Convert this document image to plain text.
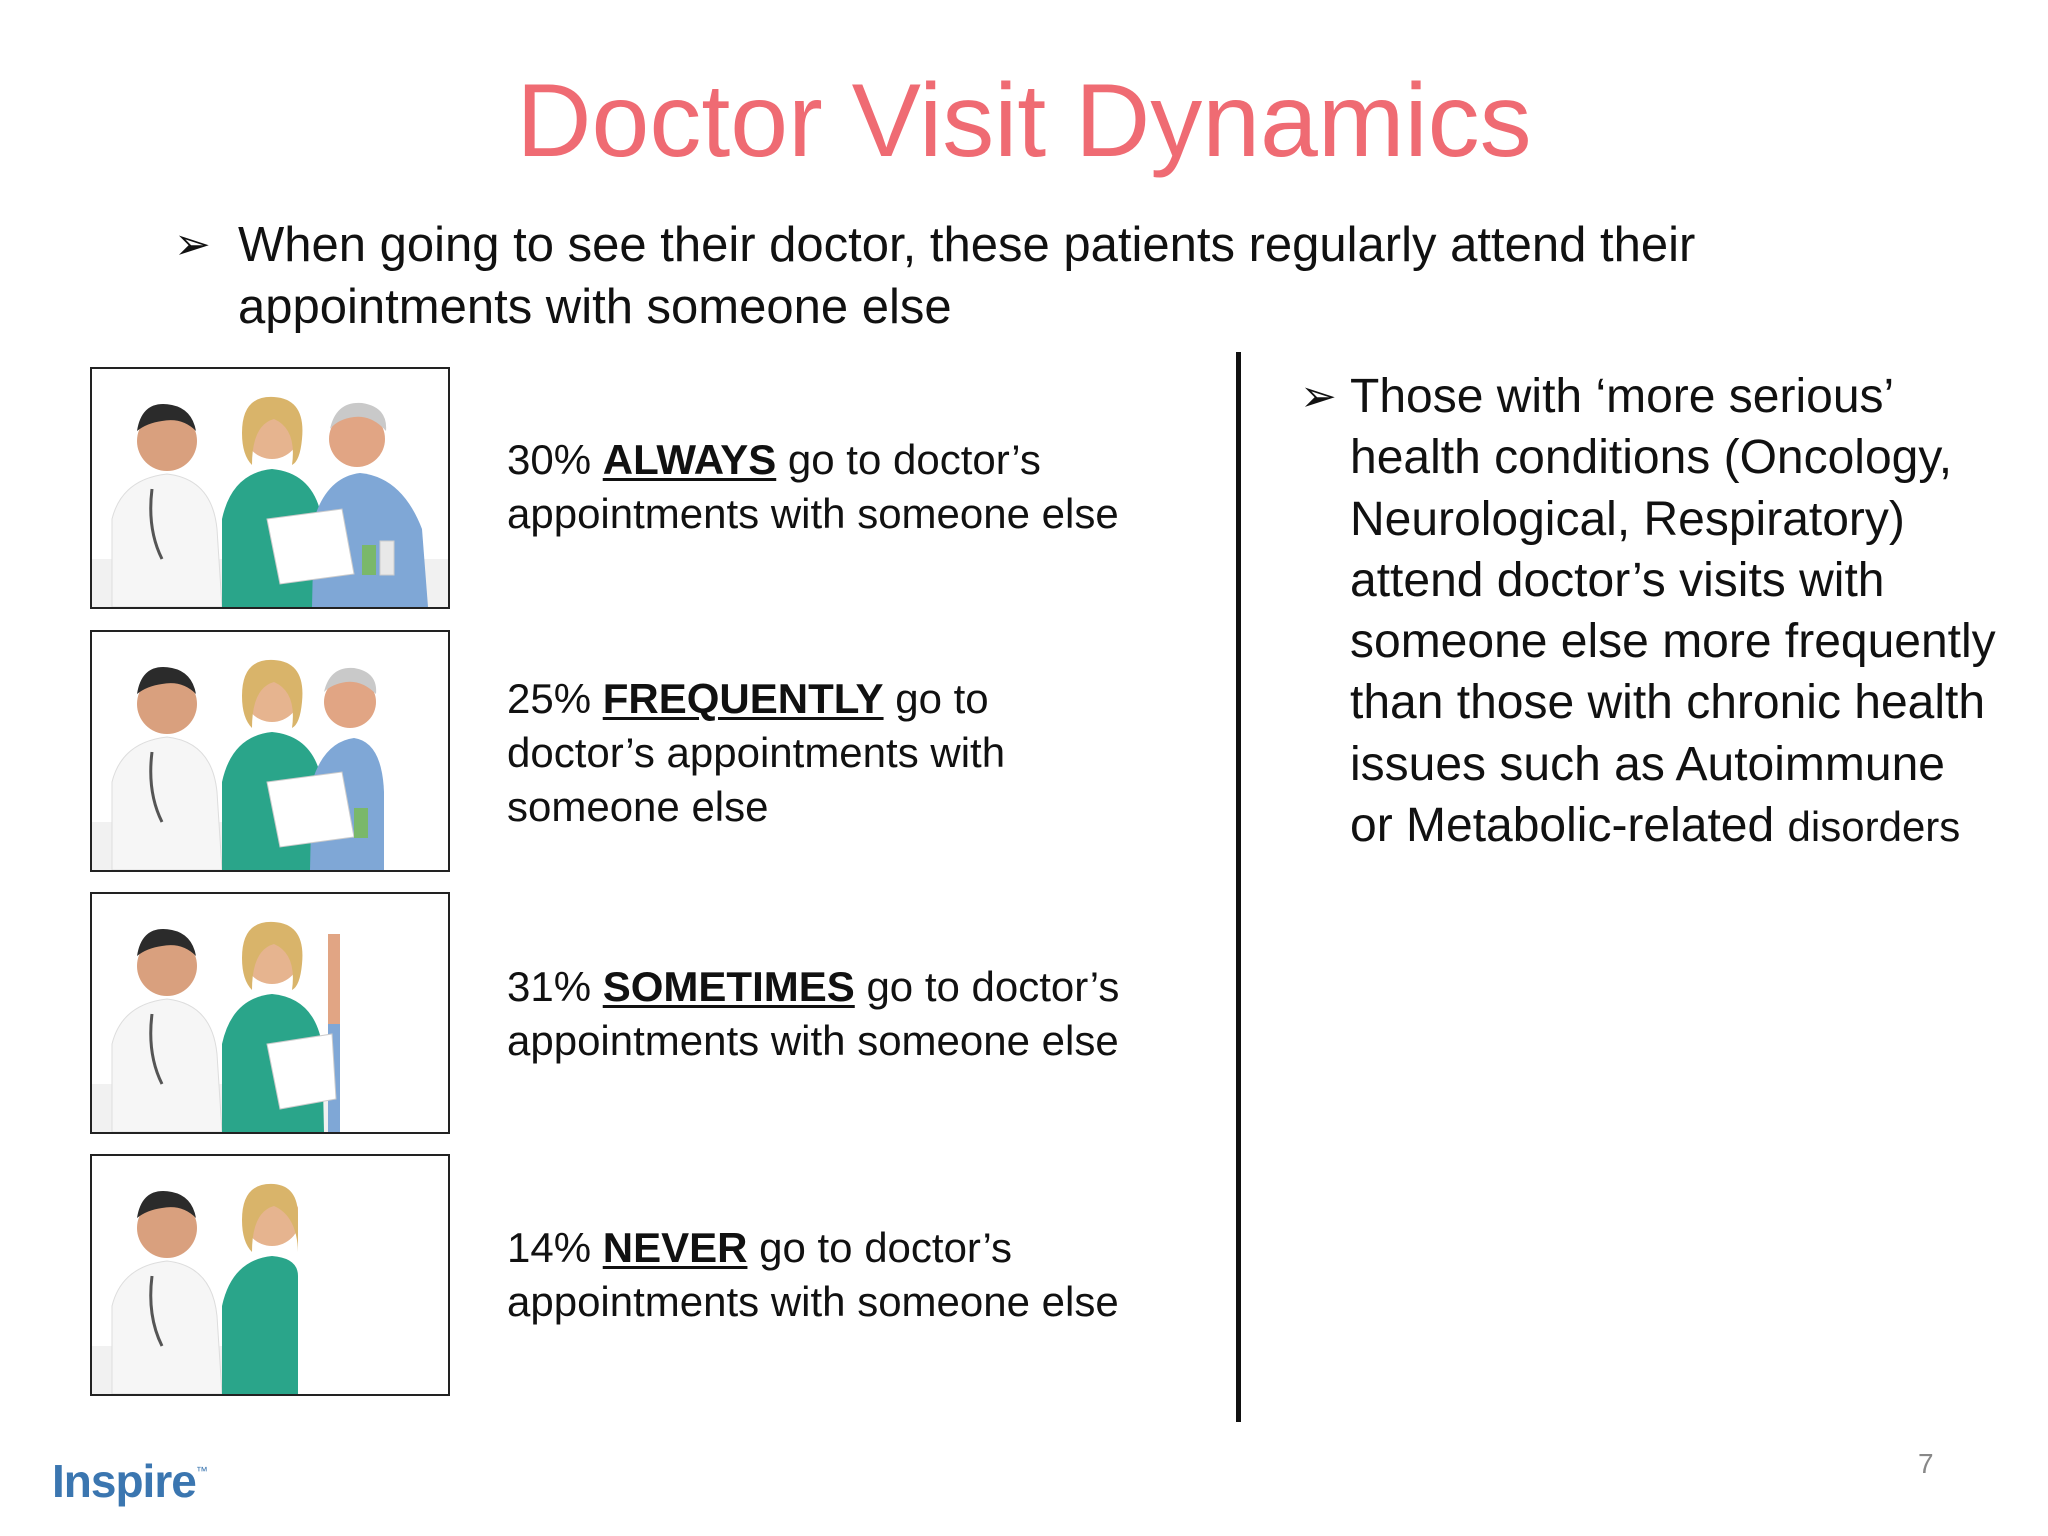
Doctor Visit Dynamics
➢ When going to see their doctor, these patients regularly attend their appointments with someone else
30% ALWAYS go to doctor’s appointments with someone else
25% FREQUENTLY go to doctor’s appointments with someone else
31% SOMETIMES go to doctor’s appointments with someone else
14% NEVER go to doctor’s appointments with someone else
➢ Those with ‘more serious’ health conditions (Oncology, Neurological, Respiratory) attend doctor’s visits with someone else more frequently than those with chronic health issues such as Autoimmune or Metabolic-related disorders
Inspire ™	7
